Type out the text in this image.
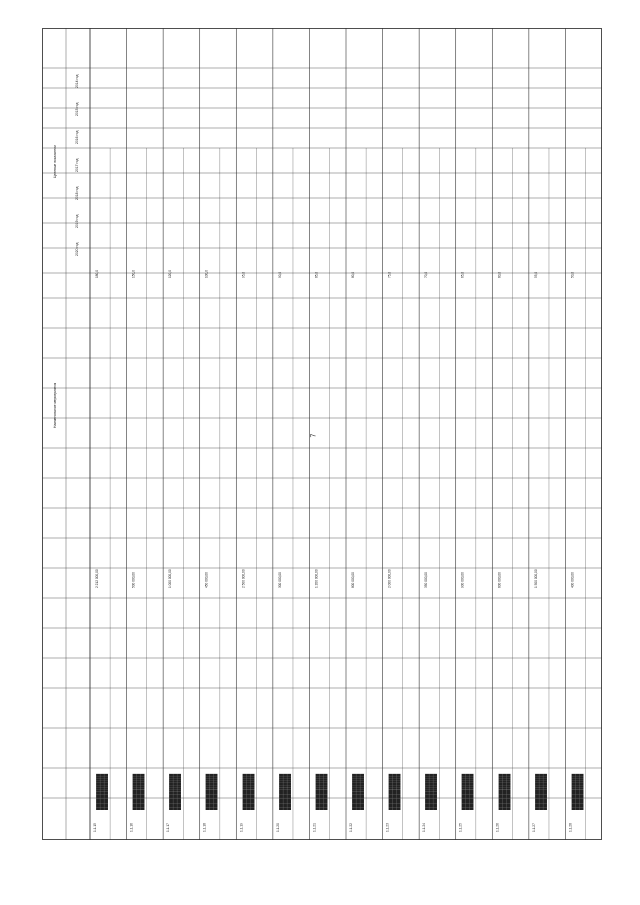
7
1.1.15
████████████████ ████████████████ ████████████████
2 212 000,00
180,0
1.1.16
████████████████ ████████████████ ████████████████
500 000,00
150,0
1.1.17
████████████████ ████████████████ ████████████████
1 000 000,00
120,0
1.1.18
████████████████ ████████████████ ████████████████
450 000,00
100,0
1.1.19
████████████████ ████████████████ ████████████████
2 500 000,00
95,0
1.1.20
████████████████ ████████████████ ████████████████
300 000,00
90,0
1.1.21
████████████████ ████████████████ ████████████████
1 200 000,00
85,0
1.1.22
████████████████ ████████████████ ████████████████
800 000,00
80,0
1.1.23
████████████████ ████████████████ ████████████████
2 000 000,00
75,0
1.1.24
████████████████ ████████████████ ████████████████
350 000,00
70,0
1.1.25
████████████████ ████████████████ ████████████████
900 000,00
65,0
1.1.26
████████████████ ████████████████ ████████████████
600 000,00
60,0
1.1.27
████████████████ ████████████████ ████████████████
1 500 000,00
55,0
1.1.28
████████████████ ████████████████ ████████████████
400 000,00
50,0
2014 год
2015 год
2016 год
2017 год
2018 год
2019 год
2020 год
Наименование мероприятия
Целевые показатели
